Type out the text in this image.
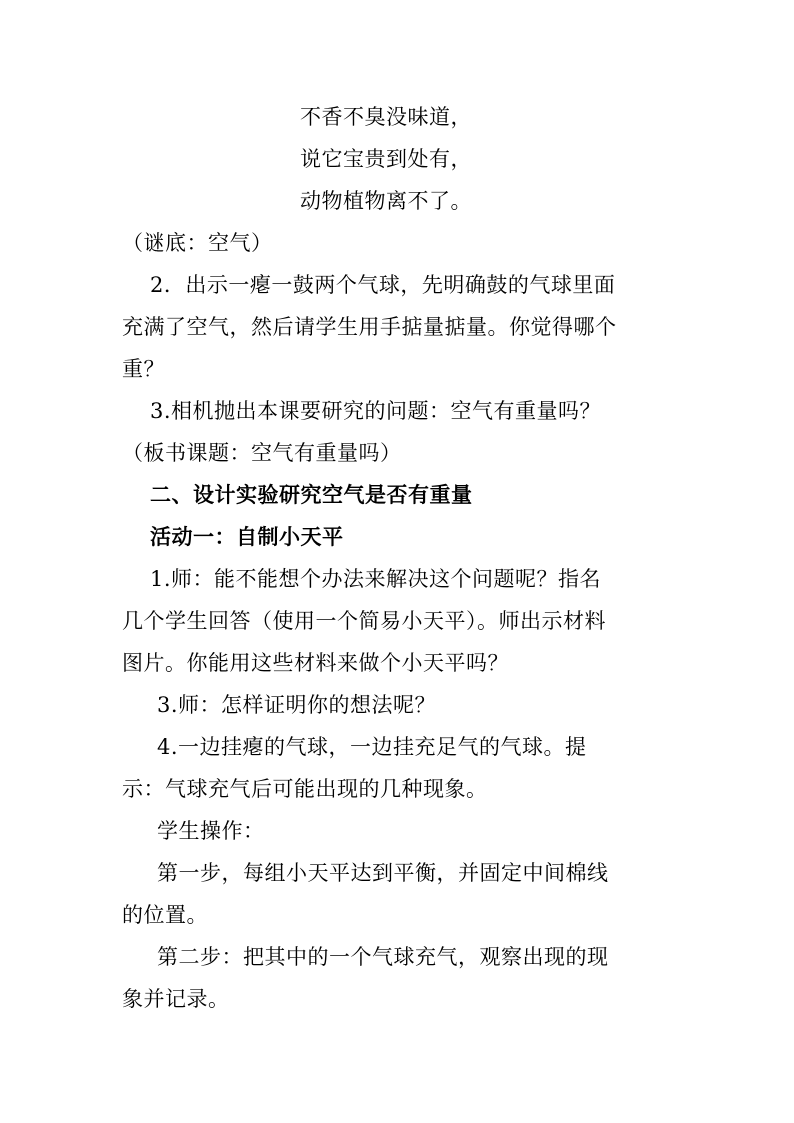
不香不臭没味道，
说它宝贵到处有，
动物植物离不了。
（谜底：空气）
2．出示一瘪一鼓两个气球，先明确鼓的气球里面
充满了空气，然后请学生用手掂量掂量。你觉得哪个
重？
3.相机抛出本课要研究的问题：空气有重量吗？
（板书课题：空气有重量吗）
二、设计实验研究空气是否有重量
活动一：自制小天平
1.师：能不能想个办法来解决这个问题呢？指名
几个学生回答（使用一个简易小天平）。师出示材料
图片。你能用这些材料来做个小天平吗？
3.师：怎样证明你的想法呢？
4.一边挂瘪的气球，一边挂充足气的气球。提
示：气球充气后可能出现的几种现象。
学生操作：
第一步，每组小天平达到平衡，并固定中间棉线
的位置。
第二步：把其中的一个气球充气，观察出现的现
象并记录。
